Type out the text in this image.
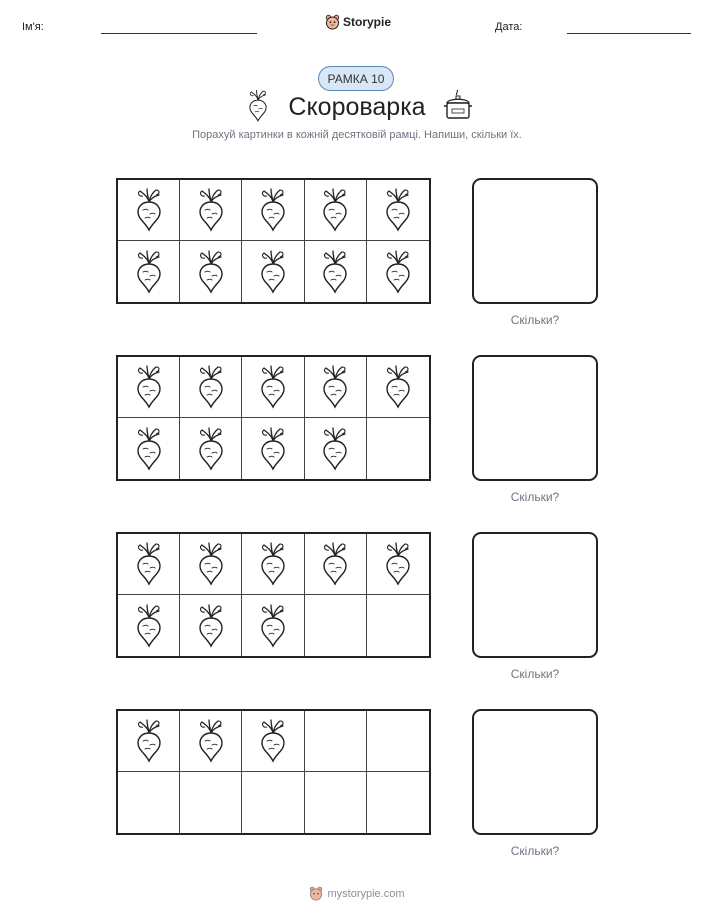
Ім'я:	Storypie	Дата:
РАМКА 10
Скороварка
Порахуй картинки в кожній десятковій рамці. Напиши, скільки їх.
Скільки?
Скільки?
Скільки?
Скільки?
mystorypie.com
